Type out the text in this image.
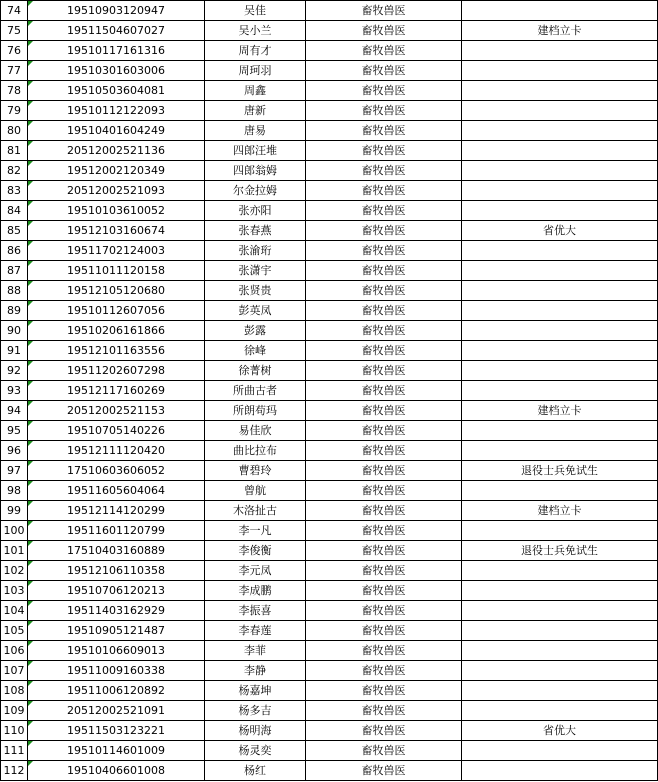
74	19510903120947	吴佳	畜牧兽医	
75	19511504607027	吴小兰	畜牧兽医	建档立卡
76	19510117161316	周有才	畜牧兽医	
77	19510301603006	周珂羽	畜牧兽医	
78	19510503604081	周鑫	畜牧兽医	
79	19510112122093	唐新	畜牧兽医	
80	19510401604249	唐易	畜牧兽医	
81	20512002521136	四郎汪堆	畜牧兽医	
82	19512002120349	四郎翁姆	畜牧兽医	
83	20512002521093	尔金拉姆	畜牧兽医	
84	19510103610052	张亦阳	畜牧兽医	
85	19512103160674	张春燕	畜牧兽医	省优大
86	19511702124003	张渝珩	畜牧兽医	
87	19511011120158	张潇宇	畜牧兽医	
88	19512105120680	张贤贵	畜牧兽医	
89	19510112607056	彭英凤	畜牧兽医	
90	19510206161866	彭露	畜牧兽医	
91	19512101163556	徐峰	畜牧兽医	
92	19511202607298	徐菁树	畜牧兽医	
93	19512117160269	所曲古者	畜牧兽医	
94	20512002521153	所朗苟玛	畜牧兽医	建档立卡
95	19510705140226	易佳欣	畜牧兽医	
96	19512111120420	曲比拉布	畜牧兽医	
97	17510603606052	曹碧玲	畜牧兽医	退役士兵免试生
98	19511605604064	曾航	畜牧兽医	
99	19512114120299	木洛扯古	畜牧兽医	建档立卡
100	19511601120799	李一凡	畜牧兽医	
101	17510403160889	李俊衡	畜牧兽医	退役士兵免试生
102	19512106110358	李元凤	畜牧兽医	
103	19510706120213	李成鹏	畜牧兽医	
104	19511403162929	李振喜	畜牧兽医	
105	19510905121487	李春莲	畜牧兽医	
106	19510106609013	李菲	畜牧兽医	
107	19511009160338	李静	畜牧兽医	
108	19511006120892	杨嘉坤	畜牧兽医	
109	20512002521091	杨多吉	畜牧兽医	
110	19511503123221	杨明海	畜牧兽医	省优大
111	19510114601009	杨灵奕	畜牧兽医	
112	19510406601008	杨红	畜牧兽医	
